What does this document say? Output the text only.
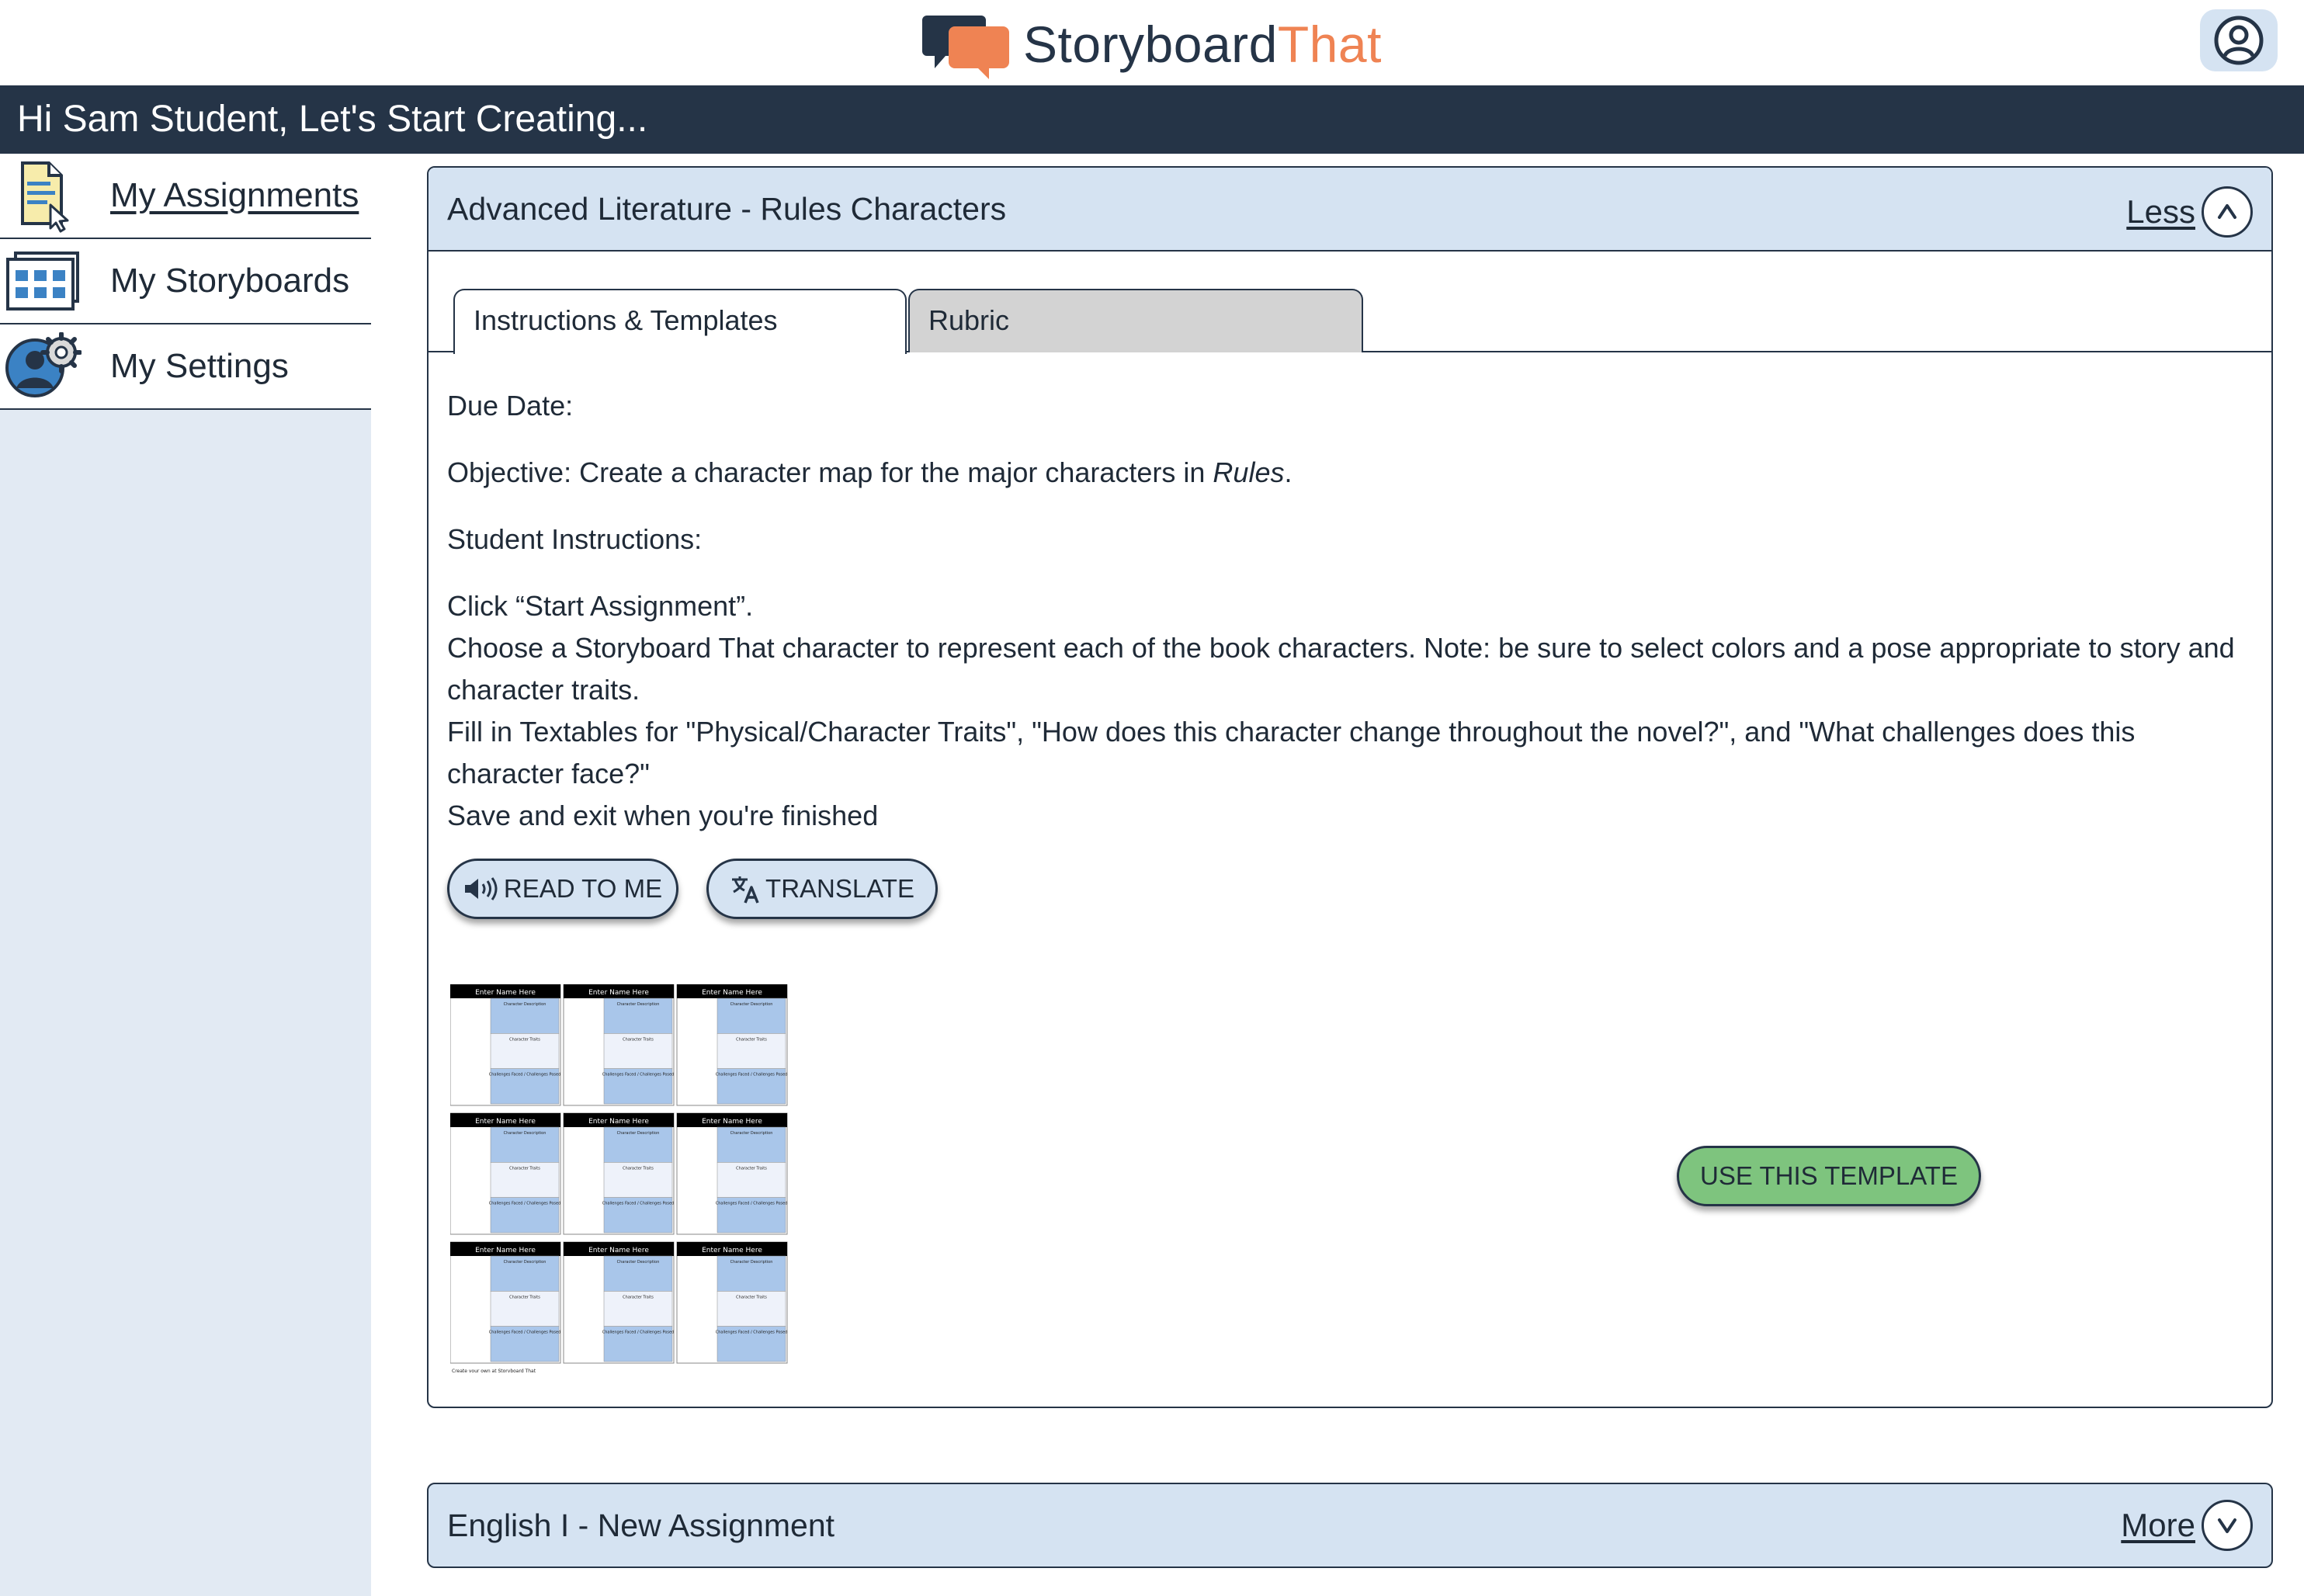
StoryboardThat
Hi Sam Student, Let's Start Creating...
My Assignments
My Storyboards
My Settings
Advanced Literature - Rules Characters	Less
Instructions & Templates	Rubric

Due Date:

Objective: Create a character map for the major characters in Rules.

Student Instructions:

Click “Start Assignment”.

Choose a Storyboard That character to represent each of the book characters. Note: be sure to select colors and a pose appropriate to story and character traits.

Fill in Textables for "Physical/Character Traits", "How does this character change throughout the novel?", and "What challenges does this character face?"

Save and exit when you're finished

READ TO ME	TRANSLATE
Enter Name Here
Character Description
Character Traits
Challenges Faced / Challenges Posed
Enter Name Here
Character Description
Character Traits
Challenges Faced / Challenges Posed
Enter Name Here
Character Description
Character Traits
Challenges Faced / Challenges Posed
Enter Name Here
Character Description
Character Traits
Challenges Faced / Challenges Posed
Enter Name Here
Character Description
Character Traits
Challenges Faced / Challenges Posed
Enter Name Here
Character Description
Character Traits
Challenges Faced / Challenges Posed
Enter Name Here
Character Description
Character Traits
Challenges Faced / Challenges Posed
Enter Name Here
Character Description
Character Traits
Challenges Faced / Challenges Posed
Enter Name Here
Character Description
Character Traits
Challenges Faced / Challenges Posed
Create your own at Storyboard That
USE THIS TEMPLATE
English I - New Assignment	More
